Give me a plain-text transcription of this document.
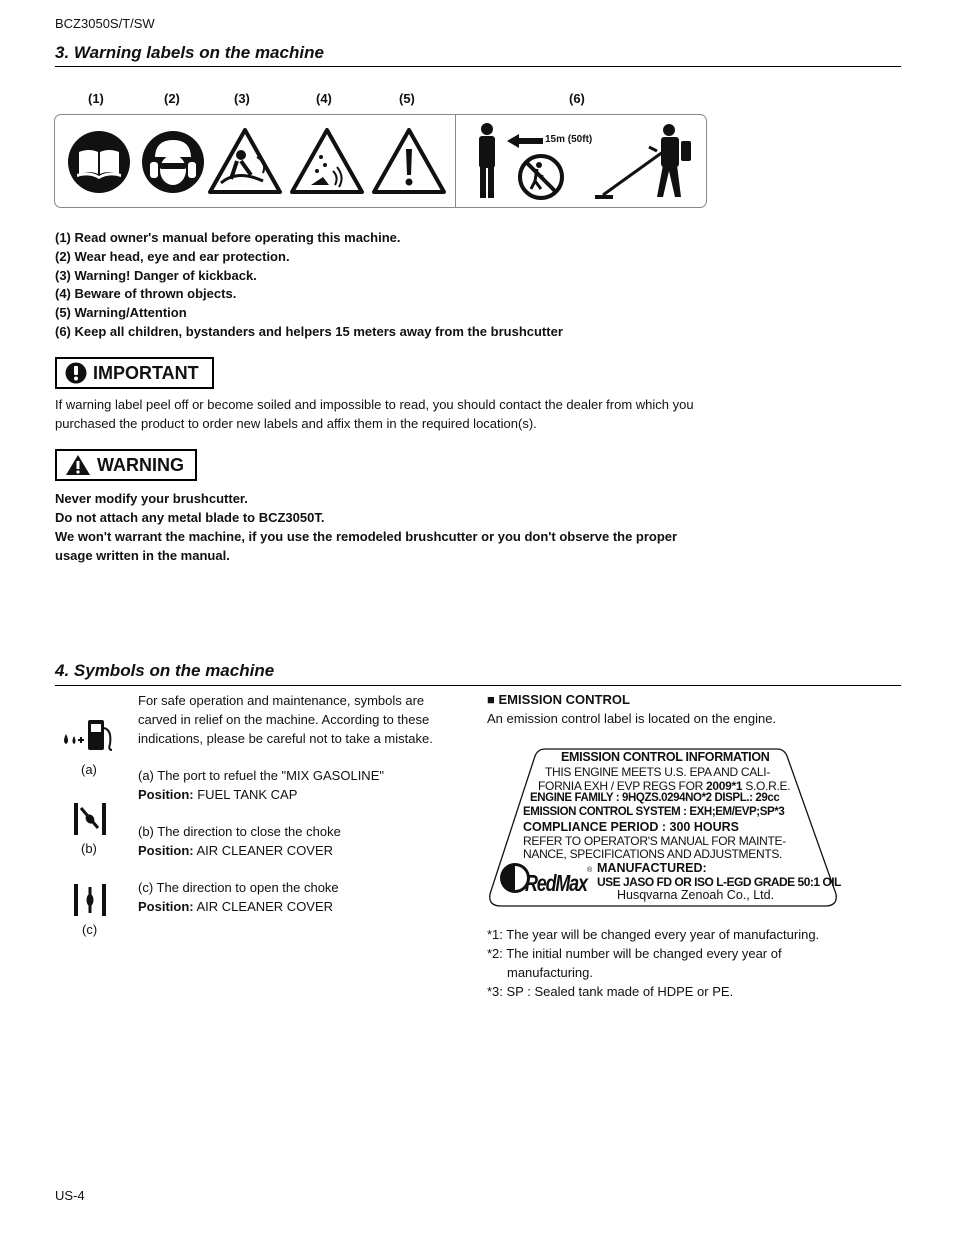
BCZ3050S/T/SW
3. Warning labels on the machine
(1)	(2)	(3)	(4)	(5)	(6)
15m (50ft)
(1) Read owner's manual before operating this machine.
(2) Wear head, eye and ear protection.
(3) Warning! Danger of kickback.
(4) Beware of thrown objects.
(5) Warning/Attention
(6) Keep all children, bystanders and helpers 15 meters away from the brushcutter
IMPORTANT
If warning label peel off or become soiled and impossible to read, you should contact the dealer from which you
purchased the product to order new labels and affix them in the required location(s).
WARNING
Never modify your brushcutter.
Do not attach any metal blade to BCZ3050T.
We won't warrant the machine, if you use the remodeled brushcutter or you don't observe the proper
usage written in the manual.
4. Symbols on the machine
(a)
(b)
(c)
For safe operation and maintenance, symbols are
carved in relief on the machine. According to these
indications, please be careful not to take a mistake.
(a) The port to refuel the "MIX GASOLINE"
Position: FUEL TANK CAP
(b) The direction to close the choke
Position: AIR CLEANER COVER
(c) The direction to open the choke
Position: AIR CLEANER COVER
■ EMISSION CONTROL
An emission control label is located on the engine.
EMISSION CONTROL INFORMATION
THIS ENGINE MEETS U.S. EPA AND CALI-
FORNIA EXH / EVP REGS FOR 2009*1 S.O.R.E.
ENGINE FAMILY : 9HQZS.0294NO*2 DISPL.: 29cc
EMISSION CONTROL SYSTEM : EXH;EM/EVP;SP*3
COMPLIANCE PERIOD : 300 HOURS
REFER TO OPERATOR'S MANUAL FOR MAINTE-
NANCE, SPECIFICATIONS AND ADJUSTMENTS.
RedMax ® MANUFACTURED:
USE JASO FD OR ISO L-EGD GRADE 50:1 OIL
Husqvarna Zenoah Co., Ltd.
*1: The year will be changed every year of manufacturing.
*2: The initial number will be changed every year of
manufacturing.
*3: SP : Sealed tank made of HDPE or PE.
US-4
